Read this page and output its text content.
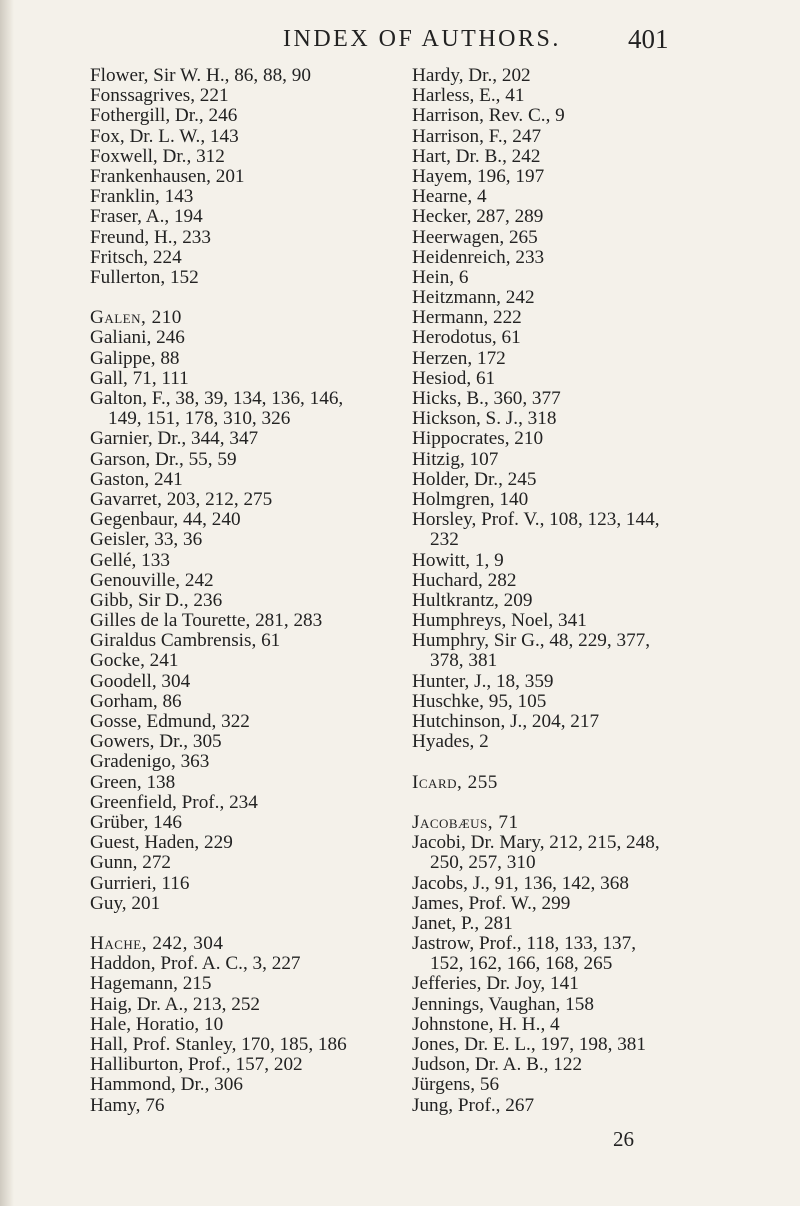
INDEX OF AUTHORS. 401
Flower, Sir W. H., 86, 88, 90
Fonssagrives, 221
Fothergill, Dr., 246
Fox, Dr. L. W., 143
Foxwell, Dr., 312
Frankenhausen, 201
Franklin, 143
Fraser, A., 194
Freund, H., 233
Fritsch, 224
Fullerton, 152
Galen, 210
Galiani, 246
Galippe, 88
Gall, 71, 111
Galton, F., 38, 39, 134, 136, 146,
149, 151, 178, 310, 326
Garnier, Dr., 344, 347
Garson, Dr., 55, 59
Gaston, 241
Gavarret, 203, 212, 275
Gegenbaur, 44, 240
Geisler, 33, 36
Gellé, 133
Genouville, 242
Gibb, Sir D., 236
Gilles de la Tourette, 281, 283
Giraldus Cambrensis, 61
Gocke, 241
Goodell, 304
Gorham, 86
Gosse, Edmund, 322
Gowers, Dr., 305
Gradenigo, 363
Green, 138
Greenfield, Prof., 234
Grüber, 146
Guest, Haden, 229
Gunn, 272
Gurrieri, 116
Guy, 201
Hache, 242, 304
Haddon, Prof. A. C., 3, 227
Hagemann, 215
Haig, Dr. A., 213, 252
Hale, Horatio, 10
Hall, Prof. Stanley, 170, 185, 186
Halliburton, Prof., 157, 202
Hammond, Dr., 306
Hamy, 76
Hardy, Dr., 202
Harless, E., 41
Harrison, Rev. C., 9
Harrison, F., 247
Hart, Dr. B., 242
Hayem, 196, 197
Hearne, 4
Hecker, 287, 289
Heerwagen, 265
Heidenreich, 233
Hein, 6
Heitzmann, 242
Hermann, 222
Herodotus, 61
Herzen, 172
Hesiod, 61
Hicks, B., 360, 377
Hickson, S. J., 318
Hippocrates, 210
Hitzig, 107
Holder, Dr., 245
Holmgren, 140
Horsley, Prof. V., 108, 123, 144,
232
Howitt, 1, 9
Huchard, 282
Hultkrantz, 209
Humphreys, Noel, 341
Humphry, Sir G., 48, 229, 377,
378, 381
Hunter, J., 18, 359
Huschke, 95, 105
Hutchinson, J., 204, 217
Hyades, 2
Icard, 255
Jacobæus, 71
Jacobi, Dr. Mary, 212, 215, 248,
250, 257, 310
Jacobs, J., 91, 136, 142, 368
James, Prof. W., 299
Janet, P., 281
Jastrow, Prof., 118, 133, 137,
152, 162, 166, 168, 265
Jefferies, Dr. Joy, 141
Jennings, Vaughan, 158
Johnstone, H. H., 4
Jones, Dr. E. L., 197, 198, 381
Judson, Dr. A. B., 122
Jürgens, 56
Jung, Prof., 267
26
